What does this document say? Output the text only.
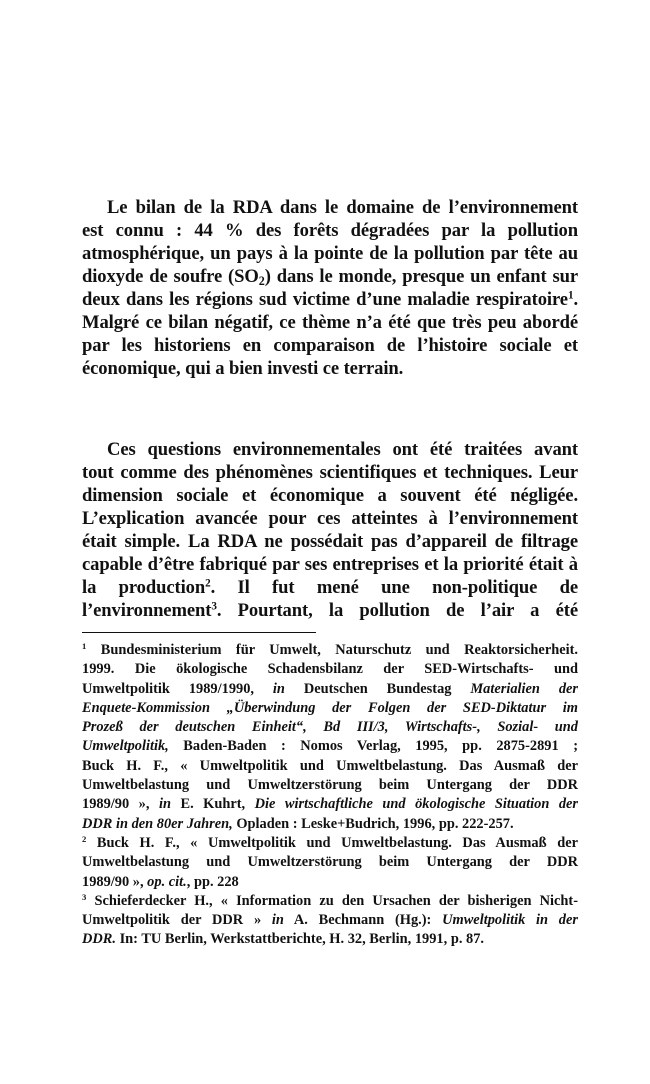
Le bilan de la RDA dans le domaine de l’environnement
est connu : 44 % des forêts dégradées par la pollution
atmosphérique, un pays à la pointe de la pollution par tête au
dioxyde de soufre $(SO_2)$ dans le monde, presque un enfant sur
deux dans les régions sud victime d’une maladie respiratoire$^1$.
Malgré ce bilan négatif, ce thème n’a été que très peu abordé
par les historiens en comparaison de l’histoire sociale et
économique, qui a bien investi ce terrain.
Ces questions environnementales ont été traitées avant
tout comme des phénomènes scientifiques et techniques. Leur
dimension sociale et économique a souvent été négligée.
L’explication avancée pour ces atteintes à l’environnement
était simple. La RDA ne possédait pas d’appareil de filtrage
capable d’être fabriqué par ses entreprises et la priorité était à
la production$^2$. Il fut mené une non-politique de
l’environnement$^3$. Pourtant, la pollution de l’air a été
$^1$ Bundesministerium für Umwelt, Naturschutz und Reaktorsicherheit.
1999. Die ökologische Schadensbilanz der SED-Wirtschafts- und
Umweltpolitik 1989/1990, in Deutschen Bundestag Materialien der
Enquete-Kommission „Überwindung der Folgen der SED-Diktatur im
Prozeß der deutschen Einheit“, Bd III/3, Wirtschafts-, Sozial- und
Umweltpolitik, Baden-Baden : Nomos Verlag, 1995, pp. 2875-2891 ;
Buck H. F., « Umweltpolitik und Umweltbelastung. Das Ausmaß der
Umweltbelastung und Umweltzerstörung beim Untergang der DDR
1989/90 », in E. Kuhrt, Die wirtschaftliche und ökologische Situation der
DDR in den 80er Jahren, Opladen : Leske+Budrich, 1996, pp. 222-257.
$^2$ Buck H. F., « Umweltpolitik und Umweltbelastung. Das Ausmaß der
Umweltbelastung und Umweltzerstörung beim Untergang der DDR
1989/90 », op. cit., pp. 228
$^3$ Schieferdecker H., « Information zu den Ursachen der bisherigen Nicht-
Umweltpolitik der DDR » in A. Bechmann (Hg.): Umweltpolitik in der
DDR. In: TU Berlin, Werkstattberichte, H. 32, Berlin, 1991, p. 87.
